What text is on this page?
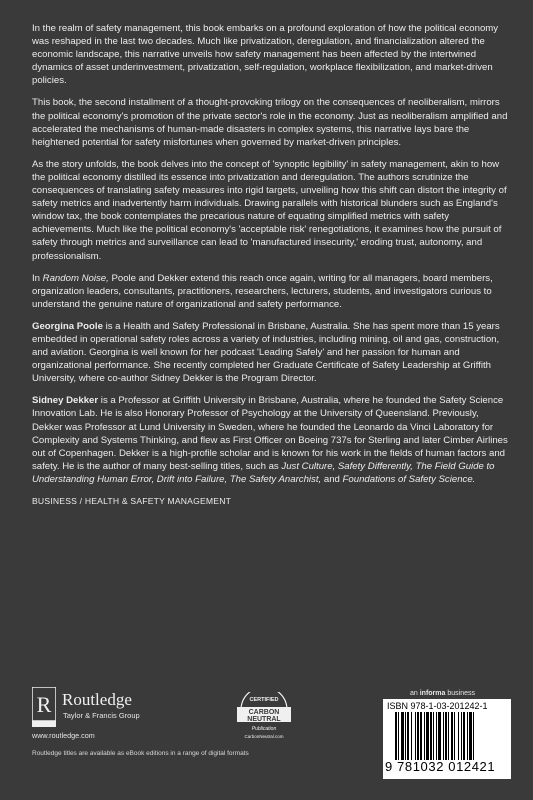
In the realm of safety management, this book embarks on a profound exploration of how the political economy was reshaped in the last two decades. Much like privatization, deregulation, and financialization altered the economic landscape, this narrative unveils how safety management has been affected by the intertwined dynamics of asset underinvestment, privatization, self-regulation, workplace flexibilization, and market-driven policies.

This book, the second installment of a thought-provoking trilogy on the consequences of neoliberalism, mirrors the political economy's promotion of the private sector's role in the economy. Just as neoliberalism amplified and accelerated the mechanisms of human-made disasters in complex systems, this narrative lays bare the heightened potential for safety misfortunes when governed by market-driven principles.

As the story unfolds, the book delves into the concept of 'synoptic legibility' in safety management, akin to how the political economy distilled its essence into privatization and deregulation. The authors scrutinize the consequences of translating safety measures into rigid targets, unveiling how this shift can distort the integrity of safety metrics and inadvertently harm individuals. Drawing parallels with historical blunders such as England's window tax, the book contemplates the precarious nature of equating simplified metrics with safety achievements. Much like the political economy's 'acceptable risk' renegotiations, it examines how the pursuit of safety through metrics and surveillance can lead to 'manufactured insecurity,' eroding trust, autonomy, and professionalism.

In Random Noise, Poole and Dekker extend this reach once again, writing for all managers, board members, organization leaders, consultants, practitioners, researchers, lecturers, students, and investigators curious to understand the genuine nature of organizational and safety performance.

Georgina Poole is a Health and Safety Professional in Brisbane, Australia. She has spent more than 15 years embedded in operational safety roles across a variety of industries, including mining, oil and gas, construction, and aviation. Georgina is well known for her podcast 'Leading Safely' and her passion for human and organizational performance. She recently completed her Graduate Certificate of Safety Leadership at Griffith University, where co-author Sidney Dekker is the Program Director.

Sidney Dekker is a Professor at Griffith University in Brisbane, Australia, where he founded the Safety Science Innovation Lab. He is also Honorary Professor of Psychology at the University of Queensland. Previously, Dekker was Professor at Lund University in Sweden, where he founded the Leonardo da Vinci Laboratory for Complexity and Systems Thinking, and flew as First Officer on Boeing 737s for Sterling and later Cimber Airlines out of Copenhagen. Dekker is a high-profile scholar and is known for his work in the fields of human factors and safety. He is the author of many best-selling titles, such as Just Culture, Safety Differently, The Field Guide to Understanding Human Error, Drift into Failure, The Safety Anarchist, and Foundations of Safety Science.

BUSINESS / HEALTH & SAFETY MANAGEMENT
R Routledge
Taylor & Francis Group
www.routledge.com
CERTIFIED
CARBON
NEUTRAL
Publication
CarbonNeutral.com
an informa business
ISBN 978-1-03-201242-1
9 781032 012421
Routledge titles are available as eBook editions in a range of digital formats
